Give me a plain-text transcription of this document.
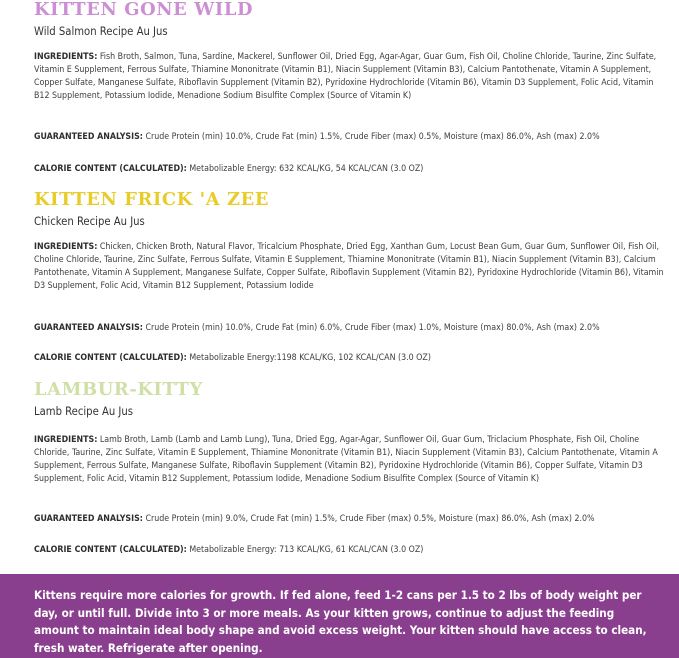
KITTEN GONE WILD

Wild Salmon Recipe Au Jus

INGREDIENTS: Fish Broth, Salmon, Tuna, Sardine, Mackerel, Sunflower Oil, Dried Egg, Agar-Agar, Guar Gum, Fish Oil, Choline Chloride, Taurine, Zinc Sulfate, Vitamin E Supplement, Ferrous Sulfate, Thiamine Mononitrate (Vitamin B1), Niacin Supplement (Vitamin B3), Calcium Pantothenate, Vitamin A Supplement, Copper Sulfate, Manganese Sulfate, Riboflavin Supplement (Vitamin B2), Pyridoxine Hydrochloride (Vitamin B6), Vitamin D3 Supplement, Folic Acid, Vitamin B12 Supplement, Potassium Iodide, Menadione Sodium Bisulfite Complex (Source of Vitamin K)

GUARANTEED ANALYSIS: Crude Protein (min) 10.0%, Crude Fat (min) 1.5%, Crude Fiber (max) 0.5%, Moisture (max) 86.0%, Ash (max) 2.0%

CALORIE CONTENT (CALCULATED): Metabolizable Energy: 632 KCAL/KG, 54 KCAL/CAN (3.0 OZ)

KITTEN FRICK 'A ZEE

Chicken Recipe Au Jus

INGREDIENTS: Chicken, Chicken Broth, Natural Flavor, Tricalcium Phosphate, Dried Egg, Xanthan Gum, Locust Bean Gum, Guar Gum, Sunflower Oil, Fish Oil, Choline Chloride, Taurine, Zinc Sulfate, Ferrous Sulfate, Vitamin E Supplement, Thiamine Mononitrate (Vitamin B1), Niacin Supplement (Vitamin B3), Calcium Pantothenate, Vitamin A Supplement, Manganese Sulfate, Copper Sulfate, Riboflavin Supplement (Vitamin B2), Pyridoxine Hydrochloride (Vitamin B6), Vitamin D3 Supplement, Folic Acid, Vitamin B12 Supplement, Potassium Iodide

GUARANTEED ANALYSIS: Crude Protein (min) 10.0%, Crude Fat (min) 6.0%, Crude Fiber (max) 1.0%, Moisture (max) 80.0%, Ash (max) 2.0%

CALORIE CONTENT (CALCULATED): Metabolizable Energy:1198 KCAL/KG, 102 KCAL/CAN (3.0 OZ)

LAMBUR-KITTY

Lamb Recipe Au Jus

INGREDIENTS: Lamb Broth, Lamb (Lamb and Lamb Lung), Tuna, Dried Egg, Agar-Agar, Sunflower Oil, Guar Gum, Triclacium Phosphate, Fish Oil, Choline Chloride, Taurine, Zinc Sulfate, Vitamin E Supplement, Thiamine Mononitrate (Vitamin B1), Niacin Supplement (Vitamin B3), Calcium Pantothenate, Vitamin A Supplement, Ferrous Sulfate, Manganese Sulfate, Riboflavin Supplement (Vitamin B2), Pyridoxine Hydrochloride (Vitamin B6), Copper Sulfate, Vitamin D3 Supplement, Folic Acid, Vitamin B12 Supplement, Potassium Iodide, Menadione Sodium Bisulfite Complex (Source of Vitamin K)

GUARANTEED ANALYSIS: Crude Protein (min) 9.0%, Crude Fat (min) 1.5%, Crude Fiber (max) 0.5%, Moisture (max) 86.0%, Ash (max) 2.0%

CALORIE CONTENT (CALCULATED): Metabolizable Energy: 713 KCAL/KG, 61 KCAL/CAN (3.0 OZ)

Kittens require more calories for growth. If fed alone, feed 1-2 cans per 1.5 to 2 lbs of body weight per day, or until full. Divide into 3 or more meals. As your kitten grows, continue to adjust the feeding amount to maintain ideal body shape and avoid excess weight. Your kitten should have access to clean, fresh water. Refrigerate after opening.
